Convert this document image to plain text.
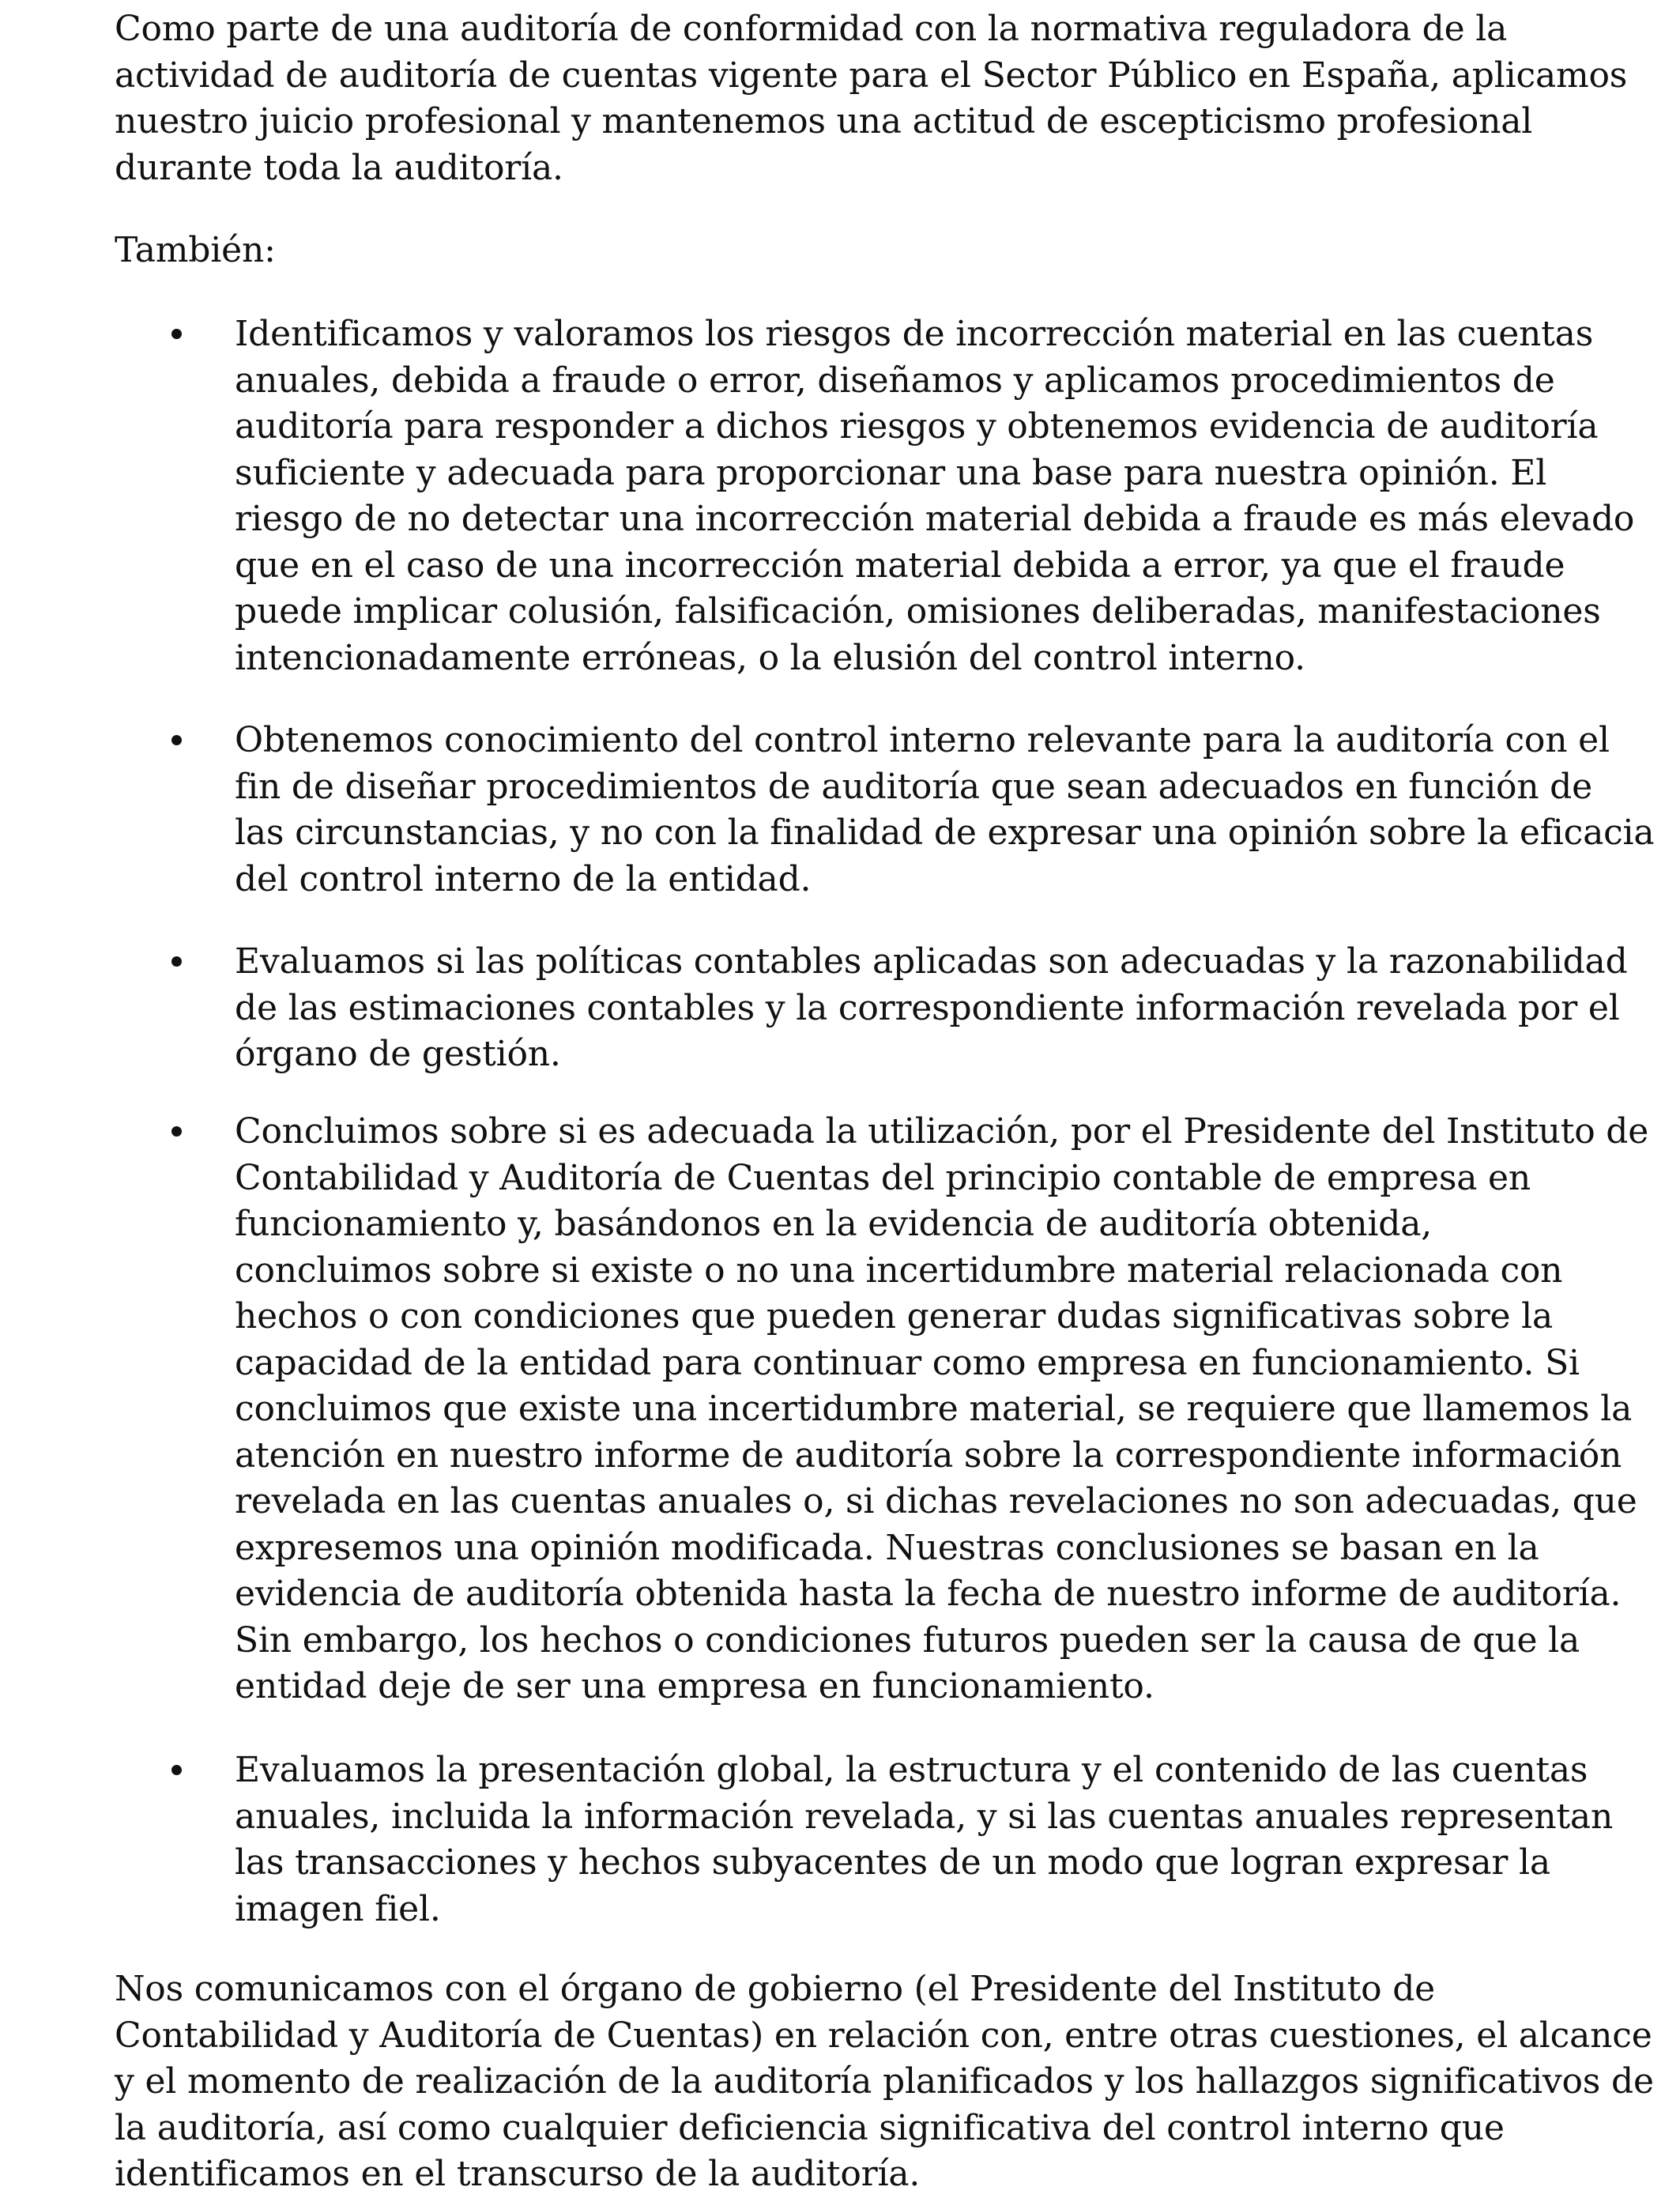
Como parte de una auditoría de conformidad con la normativa reguladora de la
actividad de auditoría de cuentas vigente para el Sector Público en España, aplicamos
nuestro juicio profesional y mantenemos una actitud de escepticismo profesional
durante toda la auditoría.

También:

Identificamos y valoramos los riesgos de incorrección material en las cuentas
anuales, debida a fraude o error, diseñamos y aplicamos procedimientos de
auditoría para responder a dichos riesgos y obtenemos evidencia de auditoría
suficiente y adecuada para proporcionar una base para nuestra opinión. El
riesgo de no detectar una incorrección material debida a fraude es más elevado
que en el caso de una incorrección material debida a error, ya que el fraude
puede implicar colusión, falsificación, omisiones deliberadas, manifestaciones
intencionadamente erróneas, o la elusión del control interno.

Obtenemos conocimiento del control interno relevante para la auditoría con el
fin de diseñar procedimientos de auditoría que sean adecuados en función de
las circunstancias, y no con la finalidad de expresar una opinión sobre la eficacia
del control interno de la entidad.

Evaluamos si las políticas contables aplicadas son adecuadas y la razonabilidad
de las estimaciones contables y la correspondiente información revelada por el
órgano de gestión.

Concluimos sobre si es adecuada la utilización, por el Presidente del Instituto de
Contabilidad y Auditoría de Cuentas del principio contable de empresa en
funcionamiento y, basándonos en la evidencia de auditoría obtenida,
concluimos sobre si existe o no una incertidumbre material relacionada con
hechos o con condiciones que pueden generar dudas significativas sobre la
capacidad de la entidad para continuar como empresa en funcionamiento. Si
concluimos que existe una incertidumbre material, se requiere que llamemos la
atención en nuestro informe de auditoría sobre la correspondiente información
revelada en las cuentas anuales o, si dichas revelaciones no son adecuadas, que
expresemos una opinión modificada. Nuestras conclusiones se basan en la
evidencia de auditoría obtenida hasta la fecha de nuestro informe de auditoría.
Sin embargo, los hechos o condiciones futuros pueden ser la causa de que la
entidad deje de ser una empresa en funcionamiento.

Evaluamos la presentación global, la estructura y el contenido de las cuentas
anuales, incluida la información revelada, y si las cuentas anuales representan
las transacciones y hechos subyacentes de un modo que logran expresar la
imagen fiel.

Nos comunicamos con el órgano de gobierno (el Presidente del Instituto de
Contabilidad y Auditoría de Cuentas) en relación con, entre otras cuestiones, el alcance
y el momento de realización de la auditoría planificados y los hallazgos significativos de
la auditoría, así como cualquier deficiencia significativa del control interno que
identificamos en el transcurso de la auditoría.
